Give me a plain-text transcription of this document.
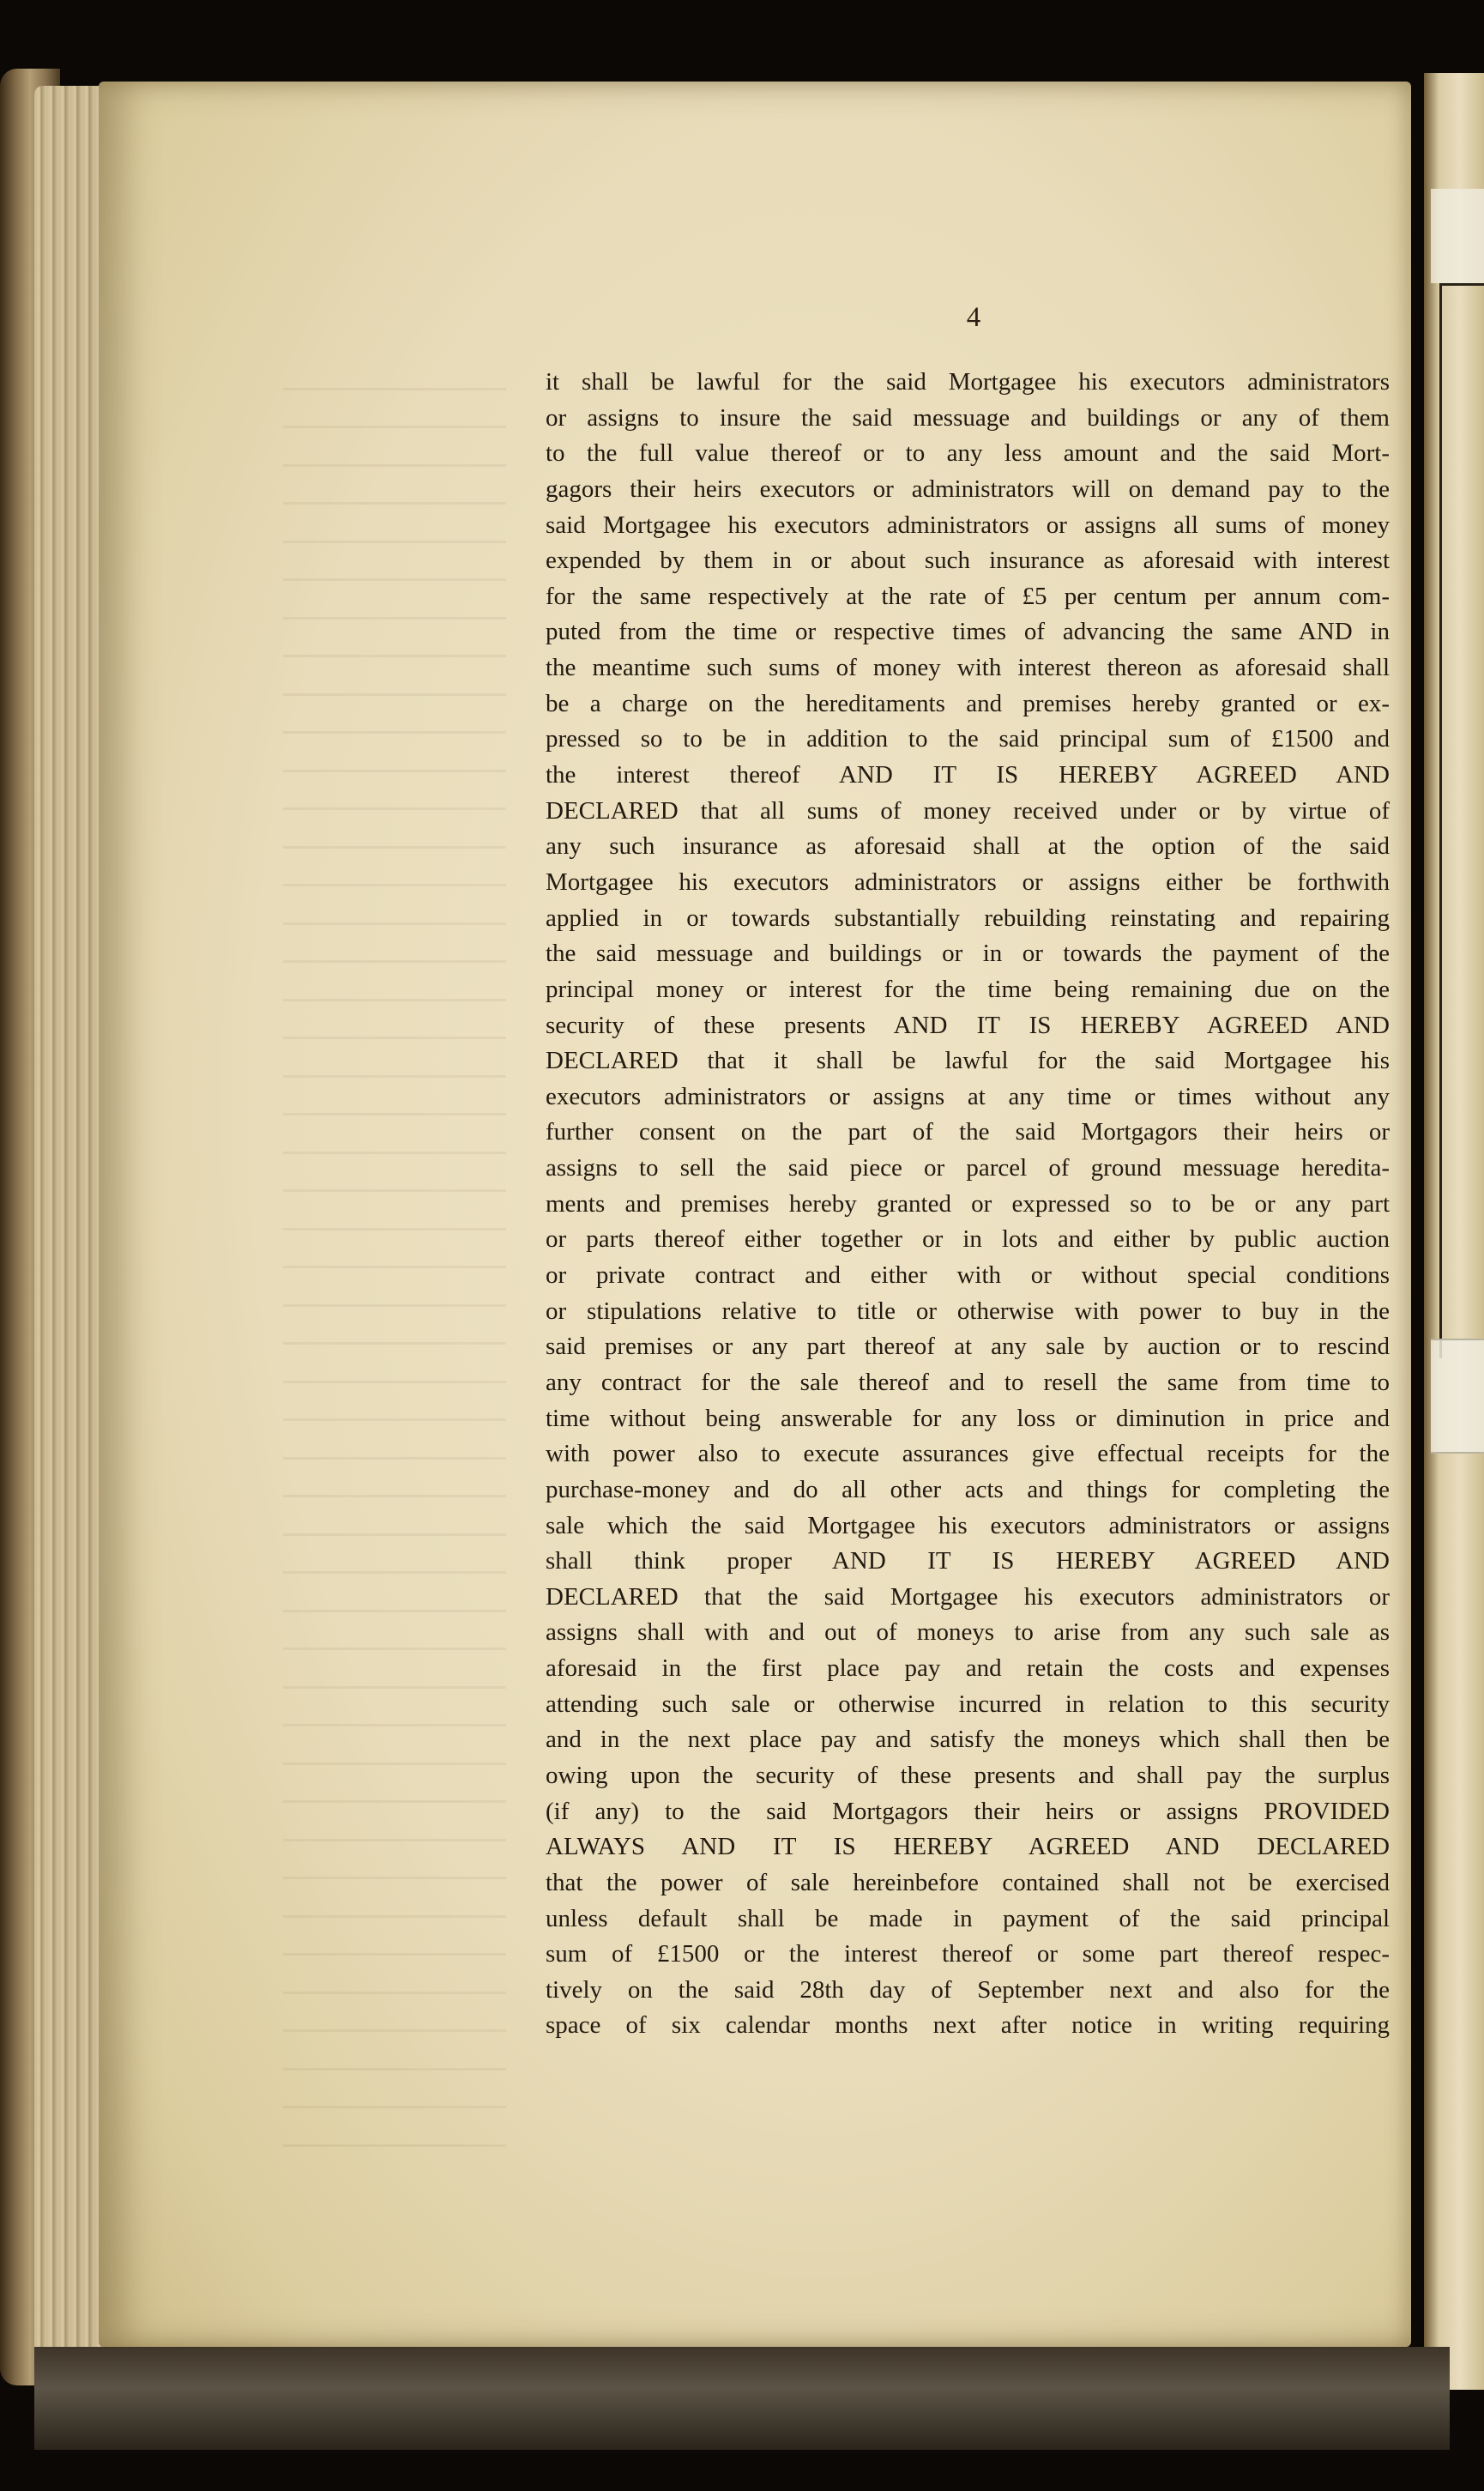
4
it shall be lawful for the said Mortgagee his executors administrators
or assigns to insure the said messuage and buildings or any of them
to the full value thereof or to any less amount and the said Mort-
gagors their heirs executors or administrators will on demand pay to the
said Mortgagee his executors administrators or assigns all sums of money
expended by them in or about such insurance as aforesaid with interest
for the same respectively at the rate of £5 per centum per annum com-
puted from the time or respective times of advancing the same AND in
the meantime such sums of money with interest thereon as aforesaid shall
be a charge on the hereditaments and premises hereby granted or ex-
pressed so to be in addition to the said principal sum of £1500 and
the interest thereof AND IT IS HEREBY AGREED AND
DECLARED that all sums of money received under or by virtue of
any such insurance as aforesaid shall at the option of the said
Mortgagee his executors administrators or assigns either be forthwith
applied in or towards substantially rebuilding reinstating and repairing
the said messuage and buildings or in or towards the payment of the
principal money or interest for the time being remaining due on the
security of these presents AND IT IS HEREBY AGREED AND
DECLARED that it shall be lawful for the said Mortgagee his
executors administrators or assigns at any time or times without any
further consent on the part of the said Mortgagors their heirs or
assigns to sell the said piece or parcel of ground messuage heredita-
ments and premises hereby granted or expressed so to be or any part
or parts thereof either together or in lots and either by public auction
or private contract and either with or without special conditions
or stipulations relative to title or otherwise with power to buy in the
said premises or any part thereof at any sale by auction or to rescind
any contract for the sale thereof and to resell the same from time to
time without being answerable for any loss or diminution in price and
with power also to execute assurances give effectual receipts for the
purchase-money and do all other acts and things for completing the
sale which the said Mortgagee his executors administrators or assigns
shall think proper AND IT IS HEREBY AGREED AND
DECLARED that the said Mortgagee his executors administrators or
assigns shall with and out of moneys to arise from any such sale as
aforesaid in the first place pay and retain the costs and expenses
attending such sale or otherwise incurred in relation to this security
and in the next place pay and satisfy the moneys which shall then be
owing upon the security of these presents and shall pay the surplus
(if any) to the said Mortgagors their heirs or assigns PROVIDED
ALWAYS AND IT IS HEREBY AGREED AND DECLARED
that the power of sale hereinbefore contained shall not be exercised
unless default shall be made in payment of the said principal
sum of £1500 or the interest thereof or some part thereof respec-
tively on the said 28th day of September next and also for the
space of six calendar months next after notice in writing requiring
